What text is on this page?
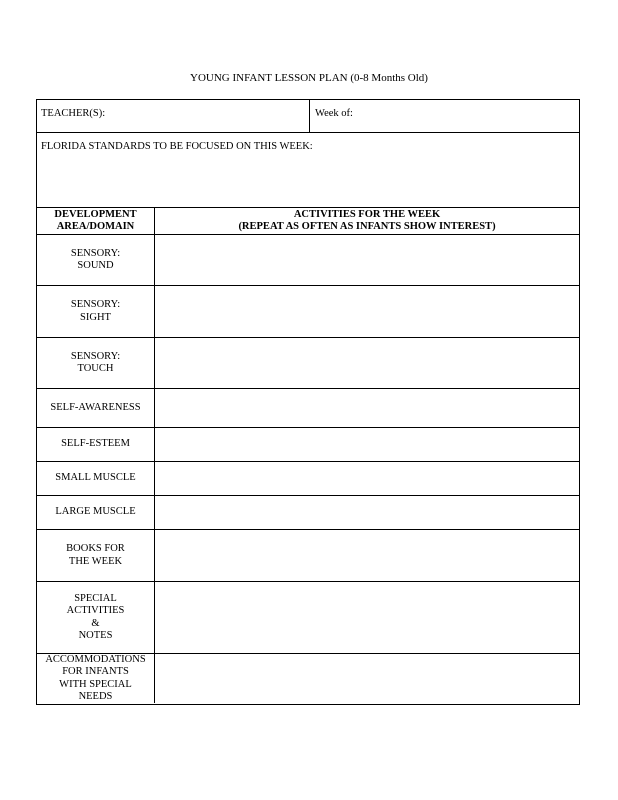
YOUNG INFANT LESSON PLAN (0-8 Months Old)
TEACHER(S):	Week of:
FLORIDA STANDARDS TO BE FOCUSED ON THIS WEEK:
DEVELOPMENT
AREA/DOMAIN
ACTIVITIES FOR THE WEEK
(REPEAT AS OFTEN AS INFANTS SHOW INTEREST)
SENSORY:
SOUND
SENSORY:
SIGHT
SENSORY:
TOUCH
SELF-AWARENESS
SELF-ESTEEM
SMALL MUSCLE
LARGE MUSCLE
BOOKS FOR
THE WEEK
SPECIAL
ACTIVITIES
&
NOTES
ACCOMMODATIONS
FOR INFANTS
WITH SPECIAL
NEEDS
